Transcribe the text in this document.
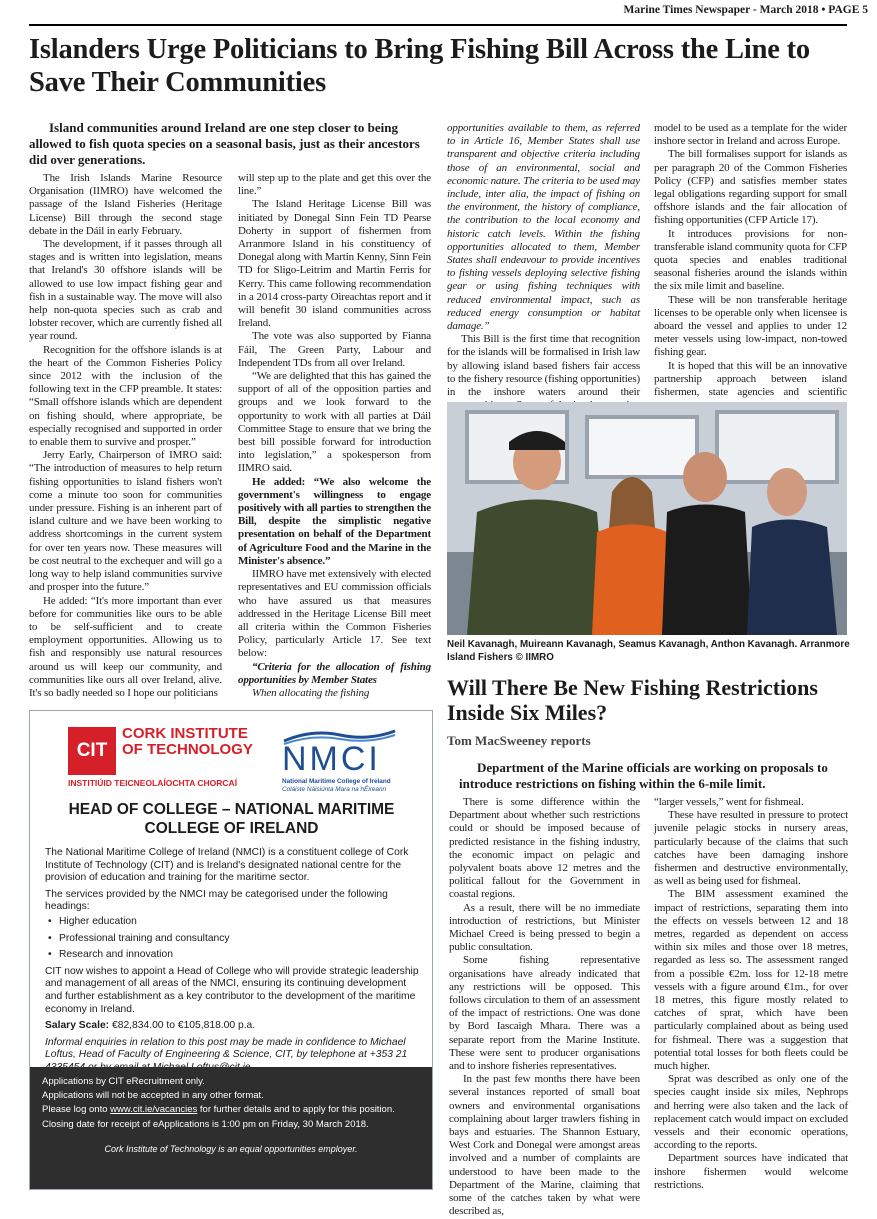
Marine Times Newspaper - March 2018 • PAGE 5
Islanders Urge Politicians to Bring Fishing Bill Across the Line to Save Their Communities
Island communities around Ireland are one step closer to being allowed to fish quota species on a seasonal basis, just as their ancestors did over generations.

The Irish Islands Marine Resource Organisation (IIMRO) have welcomed the passage of the Island Fisheries (Heritage License) Bill through the second stage debate in the Dáil in early February.

The development, if it passes through all stages and is written into legislation, means that Ireland's 30 offshore islands will be allowed to use low impact fishing gear and fish in a sustainable way. The move will also help non-quota species such as crab and lobster recover, which are currently fished all year round.

Recognition for the offshore islands is at the heart of the Common Fisheries Policy since 2012 with the inclusion of the following text in the CFP preamble. It states: “Small offshore islands which are dependent on fishing should, where appropriate, be especially recognised and supported in order to enable them to survive and prosper.”

Jerry Early, Chairperson of IMRO said: “The introduction of measures to help return fishing opportunities to island fishers won't come a minute too soon for communities under pressure. Fishing is an inherent part of island culture and we have been working to address shortcomings in the current system for over ten years now. These measures will be cost neutral to the exchequer and will go a long way to help island communities survive and prosper into the future.”

He added: “It's more important than ever before for communities like ours to be able to be self-sufficient and to create employment opportunities. Allowing us to fish and responsibly use natural resources around us will keep our community, and communities like ours all over Ireland, alive. It's so badly needed so I hope our politicians

will step up to the plate and get this over the line.”

The Island Heritage License Bill was initiated by Donegal Sinn Fein TD Pearse Doherty in support of fishermen from Arranmore Island in his constituency of Donegal along with Martin Kenny, Sinn Fein TD for Sligo-Leitrim and Martin Ferris for Kerry. This came following recommendation in a 2014 cross-party Oireachtas report and it will benefit 30 island communities across Ireland.

The vote was also supported by Fianna Fáil, The Green Party, Labour and Independent TDs from all over Ireland.

“We are delighted that this has gained the support of all of the opposition parties and groups and we look forward to the opportunity to work with all parties at Dáil Committee Stage to ensure that we bring the best bill possible forward for introduction into legislation,” a spokesperson from IIMRO said.

He added: “We also welcome the government's willingness to engage positively with all parties to strengthen the Bill, despite the simplistic negative presentation on behalf of the Department of Agriculture Food and the Marine in the Minister's absence.”

IIMRO have met extensively with elected representatives and EU commission officials who have assured us that measures addressed in the Heritage License Bill meet all criteria within the Common Fisheries Policy, particularly Article 17. See text below:

“Criteria for the allocation of fishing opportunities by Member States

When allocating the fishing

opportunities available to them, as referred to in Article 16, Member States shall use transparent and objective criteria including those of an environmental, social and economic nature. The criteria to be used may include, inter alia, the impact of fishing on the environment, the history of compliance, the contribution to the local economy and historic catch levels. Within the fishing opportunities allocated to them, Member States shall endeavour to provide incentives to fishing vessels deploying selective fishing gear or using fishing techniques with reduced environmental impact, such as reduced energy consumption or habitat damage.”

This Bill is the first time that recognition for the islands will be formalised in Irish law by allowing island based fishers fair access to the fishery resource (fishing opportunities) in the inshore waters around their

model to be used as a template for the wider inshore sector in Ireland and across Europe.

The bill formalises support for islands as per paragraph 20 of the Common Fisheries Policy (CFP) and satisfies member states legal obligations regarding support for small offshore islands and the fair allocation of fishing opportunities (CFP Article 17).

It introduces provisions for non-transferable island community quota for CFP quota species and enables traditional seasonal fisheries around the islands within the six mile limit and baseline.

These will be non transferable heritage licenses to be operable only when licensee is aboard the vessel and applies to under 12 meter vessels using low-impact, non-towed fishing gear.

It is hoped that this will be an innovative partnership approach between island fishermen, state agencies and scientific

Neil Kavanagh, Muireann Kavanagh, Seamus Kavanagh, Anthon Kavanagh. Arranmore Island Fishers © IIMRO
Will There Be New Fishing Restrictions Inside Six Miles?
Tom MacSweeney reports
Department of the Marine officials are working on proposals to introduce restrictions on fishing within the 6-mile limit.

There is some difference within the Department about whether such restrictions could or should be imposed because of predicted resistance in the fishing industry, the economic impact on pelagic and polyvalent boats above 12 metres and the political fallout for the Government in coastal regions.

As a result, there will be no immediate introduction of restrictions, but Minister Michael Creed is being pressed to begin a public consultation.

Some fishing representative organisations have already indicated that any restrictions will be opposed. This follows circulation to them of an assessment of the impact of restrictions. One was done by Bord Iascaigh Mhara. There was a separate report from the Marine Institute. These were sent to producer organisations and to inshore fisheries representatives.

In the past few months there have been several instances reported of small boat owners and environmental organisations complaining about larger trawlers fishing in bays and estuaries. The Shannon Estuary, West Cork and Donegal were amongst areas involved and a number of complaints are understood to have been made to the Department of the Marine, claiming that some of the catches taken by what were described as,

“larger vessels,” went for fishmeal.

These have resulted in pressure to protect juvenile pelagic stocks in nursery areas, particularly because of the claims that such catches have been damaging inshore fishermen and destructive environmentally, as well as being used for fishmeal.

The BIM assessment examined the impact of restrictions, separating them into the effects on vessels between 12 and 18 metres, regarded as dependent on access within six miles and those over 18 metres, regarded as less so. The assessment ranged from a possible €2m. loss for 12-18 metre vessels with a figure around €1m., for over 18 metres, this figure mostly related to catches of sprat, which have been particularly complained about as being used for fishmeal. There was a suggestion that potential total losses for both fleets could be much higher.

Sprat was described as only one of the species caught inside six miles, Nephrops and herring were also taken and the lack of replacement catch would impact on excluded vessels and their economic operations, according to the reports.

Department sources have indicated that inshore fishermen would welcome restrictions.

CIT
CORK INSTITUTE OF TECHNOLOGY
INSTITIÚID TEICNEOLAÍOCHTA CHORCAÍ
NMCI
National Maritime College of Ireland
Coláiste Náisiúnta Mara na hÉireann
HEAD OF COLLEGE – NATIONAL MARITIME COLLEGE OF IRELAND

The National Maritime College of Ireland (NMCI) is a constituent college of Cork Institute of Technology (CIT) and is Ireland's designated national centre for the provision of education and training for the maritime sector.

The services provided by the NMCI may be categorised under the following headings:

• Higher education
• Professional training and consultancy
• Research and innovation

CIT now wishes to appoint a Head of College who will provide strategic leadership and management of all areas of the NMCI, ensuring its continuing development and further establishment as a key contributor to the development of the maritime economy in Ireland.

Salary Scale: €82,834.00 to €105,818.00 p.a.

Informal enquiries in relation to this post may be made in confidence to Michael Loftus, Head of Faculty of Engineering & Science, CIT, by telephone at +353 21

Applications by CIT eRecruitment only.
Applications will not be accepted in any other format.
Please log onto www.cit.ie/vacancies for further details and to apply for this position.
Closing date for receipt of eApplications is 1:00 pm on Friday, 30 March 2018.
Cork Institute of Technology is an equal opportunities employer.
